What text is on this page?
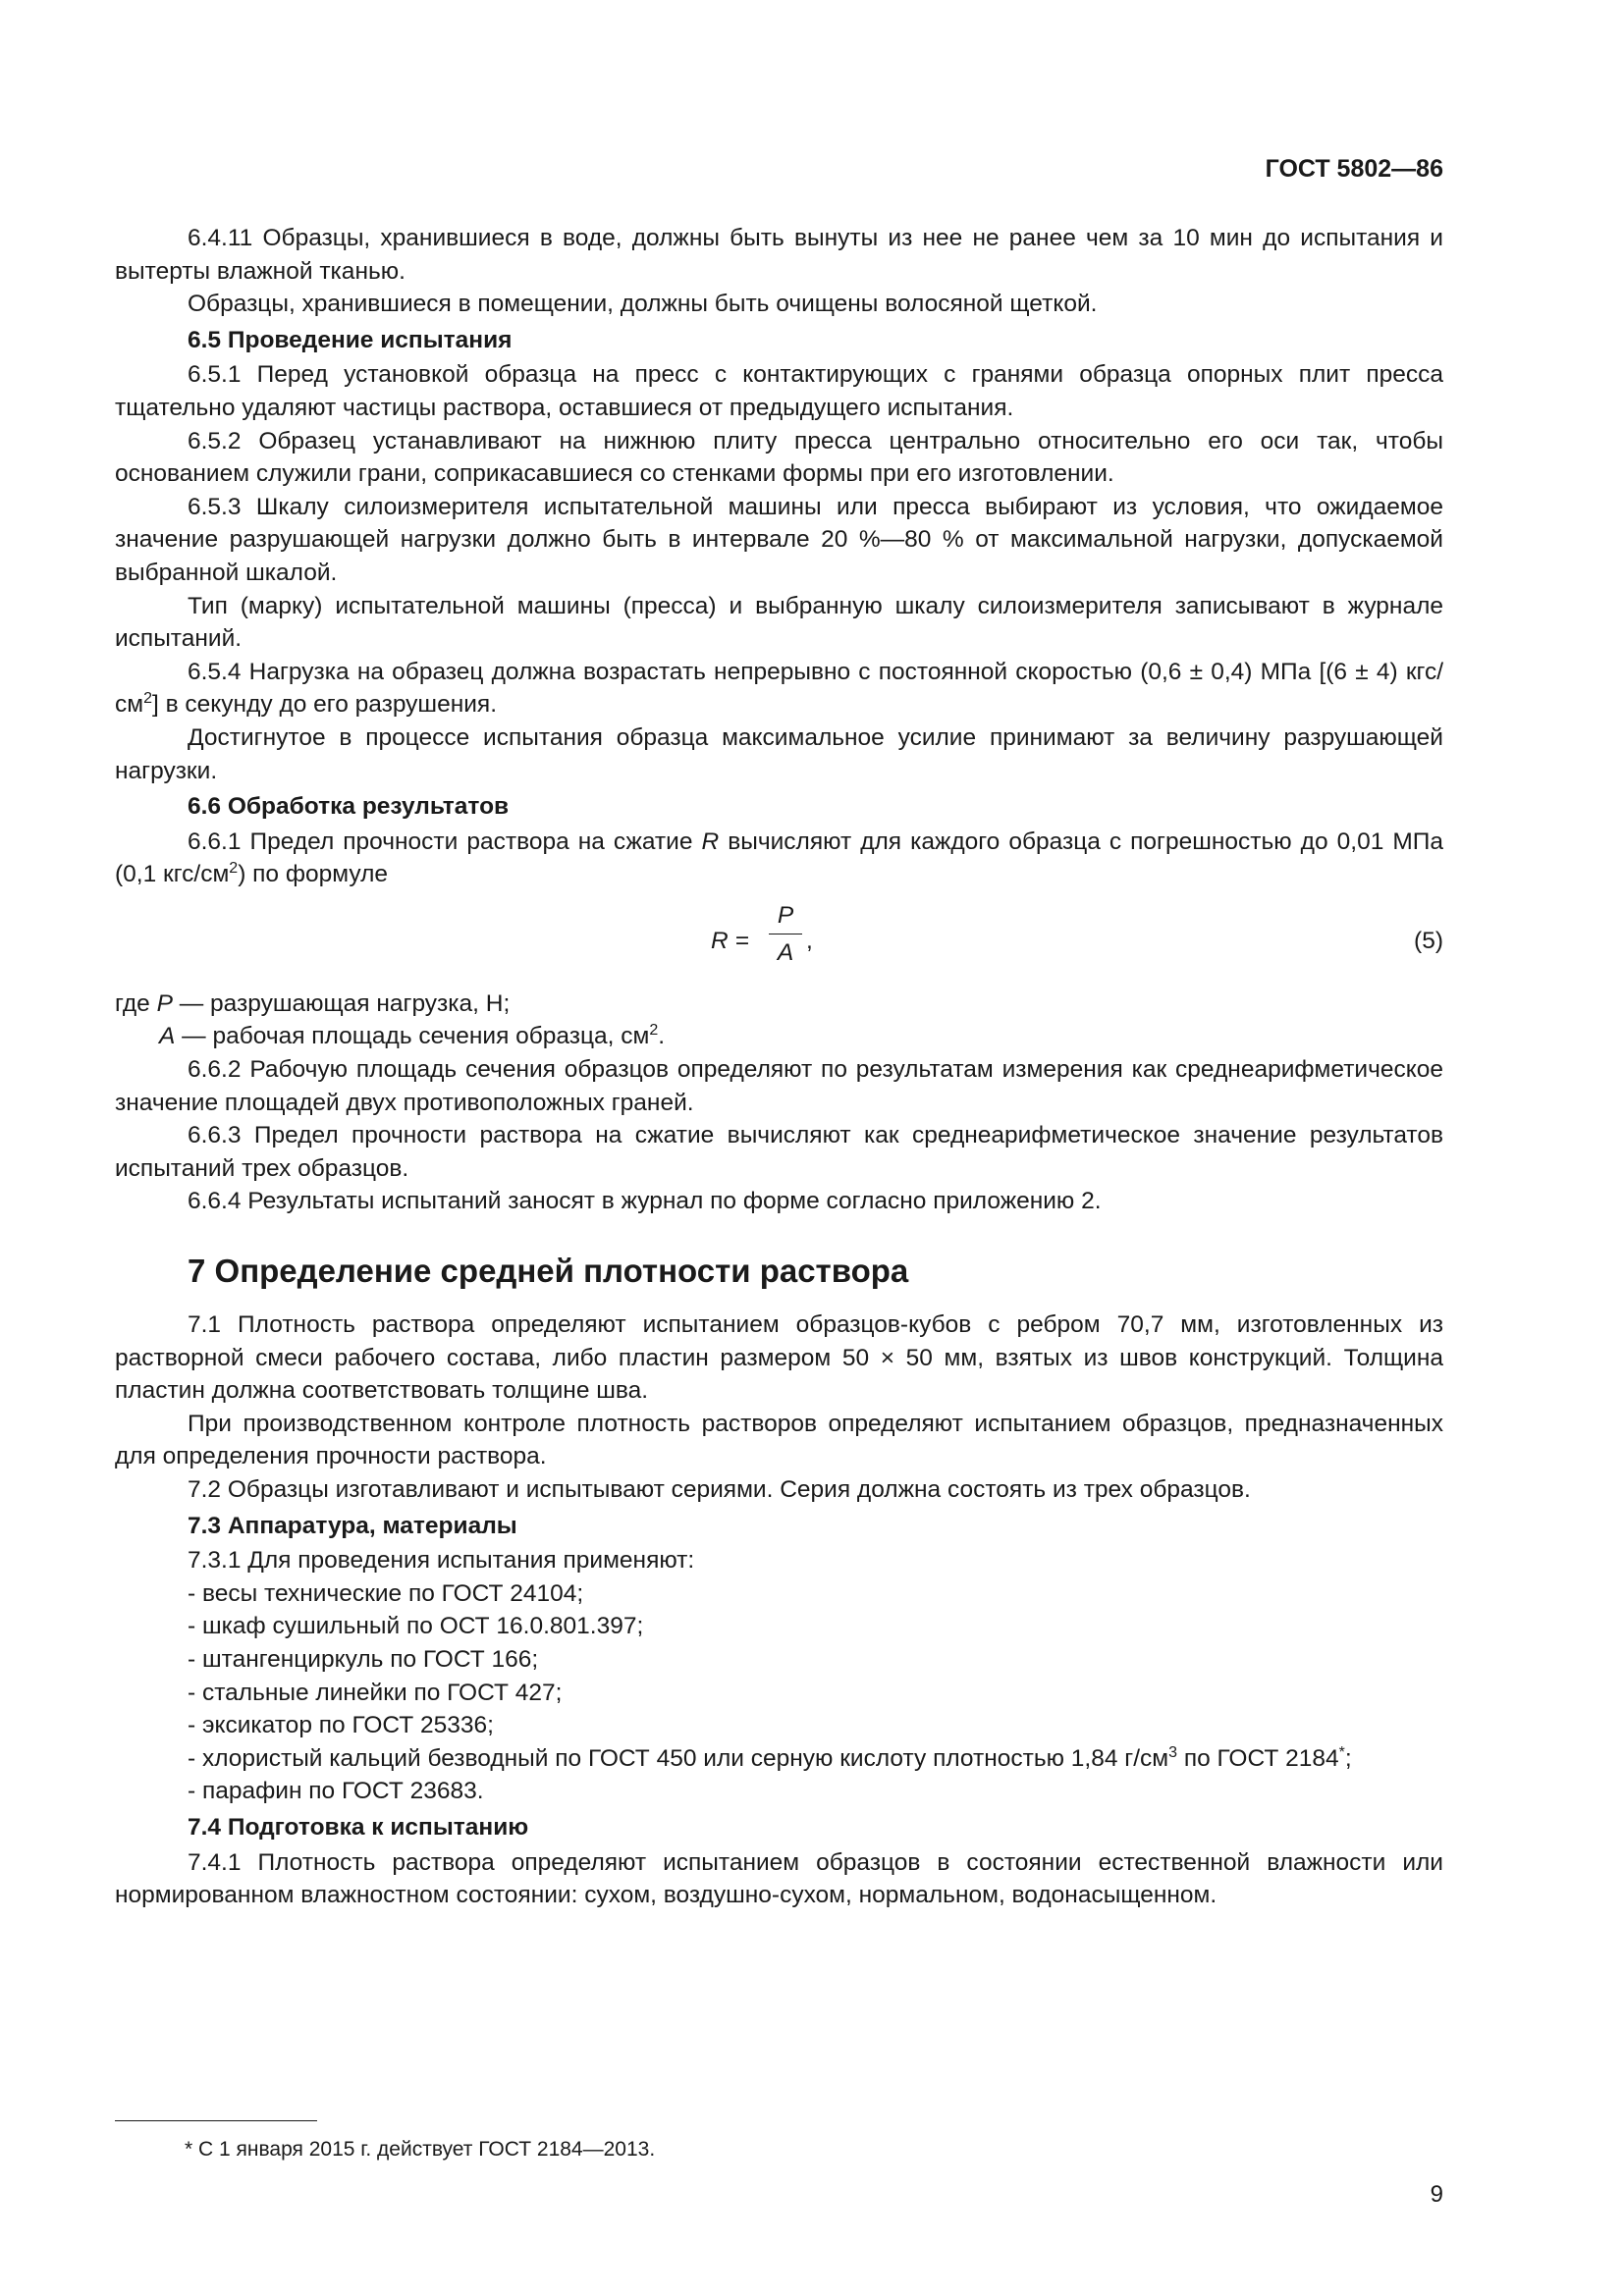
ГОСТ 5802—86

6.4.11 Образцы, хранившиеся в воде, должны быть вынуты из нее не ранее чем за 10 мин до испытания и вытерты влажной тканью.

Образцы, хранившиеся в помещении, должны быть очищены волосяной щеткой.

6.5 Проведение испытания

6.5.1 Перед установкой образца на пресс с контактирующих с гранями образца опорных плит пресса тщательно удаляют частицы раствора, оставшиеся от предыдущего испытания.

6.5.2 Образец устанавливают на нижнюю плиту пресса центрально относительно его оси так, чтобы основанием служили грани, соприкасавшиеся со стенками формы при его изготовлении.

6.5.3 Шкалу силоизмерителя испытательной машины или пресса выбирают из условия, что ожидаемое значение разрушающей нагрузки должно быть в интервале 20 %—80 % от максимальной нагрузки, допускаемой выбранной шкалой.

Тип (марку) испытательной машины (пресса) и выбранную шкалу силоизмерителя записывают в журнале испытаний.

6.5.4 Нагрузка на образец должна возрастать непрерывно с постоянной скоростью (0,6 ± 0,4) МПа [(6 ± 4) кгс/$см^2$] в секунду до его разрушения.

Достигнутое в процессе испытания образца максимальное усилие принимают за величину разрушающей нагрузки.

6.6 Обработка результатов

6.6.1 Предел прочности раствора на сжатие R вычисляют для каждого образца с погрешностью до 0,01 МПа (0,1 кгс/$см^2$) по формуле

$R = \frac{P}{A}$ ,	(5)

где P — разрушающая нагрузка, Н;

A — рабочая площадь сечения образца, $см^2$.

6.6.2 Рабочую площадь сечения образцов определяют по результатам измерения как среднеарифметическое значение площадей двух противоположных граней.

6.6.3 Предел прочности раствора на сжатие вычисляют как среднеарифметическое значение результатов испытаний трех образцов.

6.6.4 Результаты испытаний заносят в журнал по форме согласно приложению 2.

7 Определение средней плотности раствора

7.1 Плотность раствора определяют испытанием образцов-кубов с ребром 70,7 мм, изготовленных из растворной смеси рабочего состава, либо пластин размером 50 × 50 мм, взятых из швов конструкций. Толщина пластин должна соответствовать толщине шва.

При производственном контроле плотность растворов определяют испытанием образцов, предназначенных для определения прочности раствора.

7.2 Образцы изготавливают и испытывают сериями. Серия должна состоять из трех образцов.

7.3 Аппаратура, материалы

7.3.1 Для проведения испытания применяют:

- весы технические по ГОСТ 24104;

- шкаф сушильный по ОСТ 16.0.801.397;

- штангенциркуль по ГОСТ 166;

- стальные линейки по ГОСТ 427;

- эксикатор по ГОСТ 25336;

- хлористый кальций безводный по ГОСТ 450 или серную кислоту плотностью 1,84 $г/см^3$ по ГОСТ 2184*;

- парафин по ГОСТ 23683.

7.4 Подготовка к испытанию

7.4.1 Плотность раствора определяют испытанием образцов в состоянии естественной влажности или нормированном влажностном состоянии: сухом, воздушно-сухом, нормальном, водонасыщенном.

* С 1 января 2015 г. действует ГОСТ 2184—2013.
9
